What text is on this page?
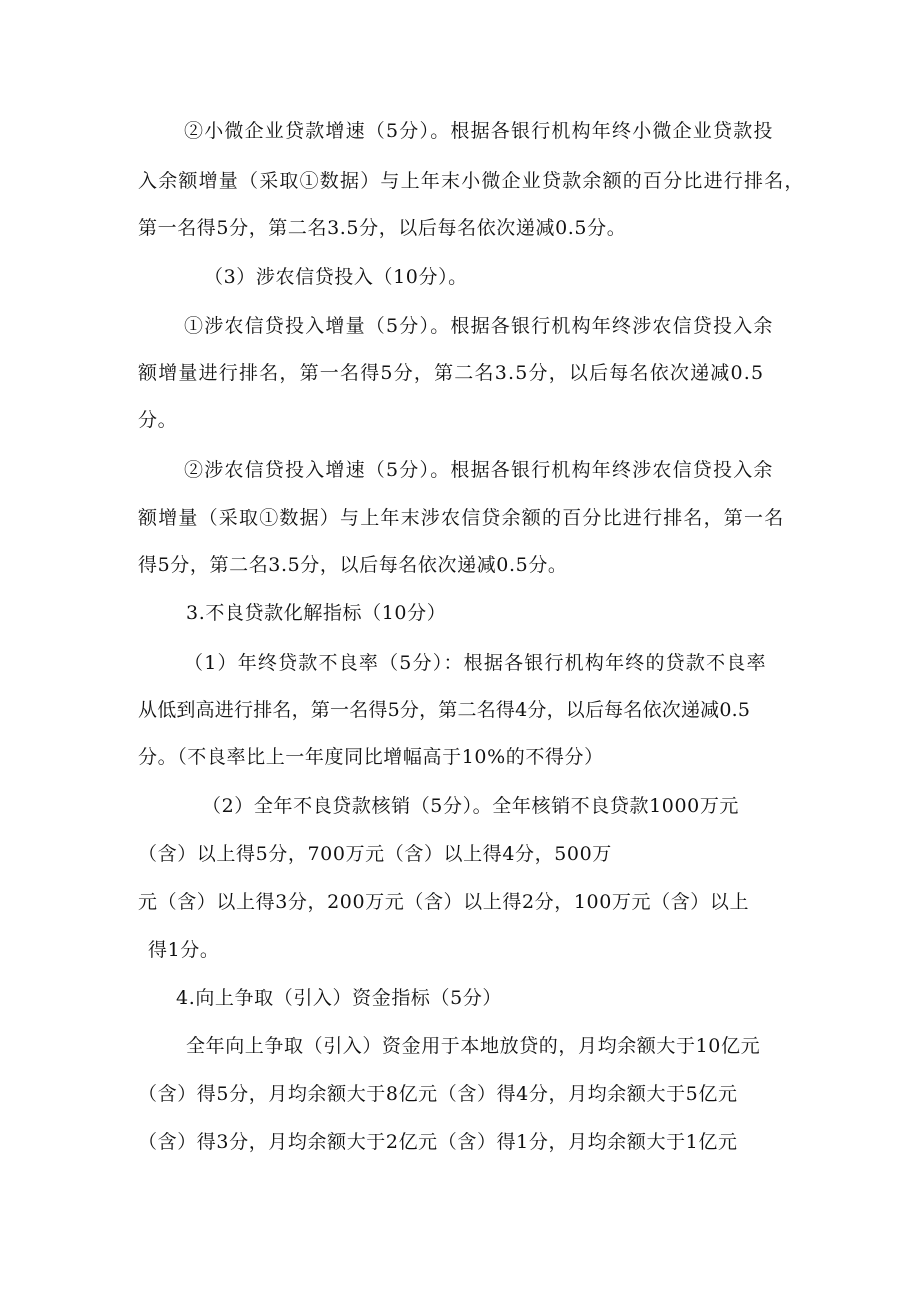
②小微企业贷款增速（5分）。根据各银行机构年终小微企业贷款投
入余额增量（采取①数据）与上年末小微企业贷款余额的百分比进行排名，
第一名得5分，第二名3.5分，以后每名依次递减0.5分。
（3）涉农信贷投入（10分）。
①涉农信贷投入增量（5分）。根据各银行机构年终涉农信贷投入余
额增量进行排名，第一名得5分，第二名3.5分，以后每名依次递减0.5
分。
②涉农信贷投入增速（5分）。根据各银行机构年终涉农信贷投入余
额增量（采取①数据）与上年末涉农信贷余额的百分比进行排名，第一名
得5分，第二名3.5分，以后每名依次递减0.5分。
3.不良贷款化解指标（10分）
（1）年终贷款不良率（5分）：根据各银行机构年终的贷款不良率
从低到高进行排名，第一名得5分，第二名得4分，以后每名依次递减0.5
分。（不良率比上一年度同比增幅高于10%的不得分）
（2）全年不良贷款核销（5分）。全年核销不良贷款1000万元
（含）以上得5分，700万元（含）以上得4分，500万
元（含）以上得3分，200万元（含）以上得2分，100万元（含）以上
得1分。
4.向上争取（引入）资金指标（5分）
全年向上争取（引入）资金用于本地放贷的，月均余额大于10亿元
（含）得5分，月均余额大于8亿元（含）得4分，月均余额大于5亿元
（含）得3分，月均余额大于2亿元（含）得1分，月均余额大于1亿元
